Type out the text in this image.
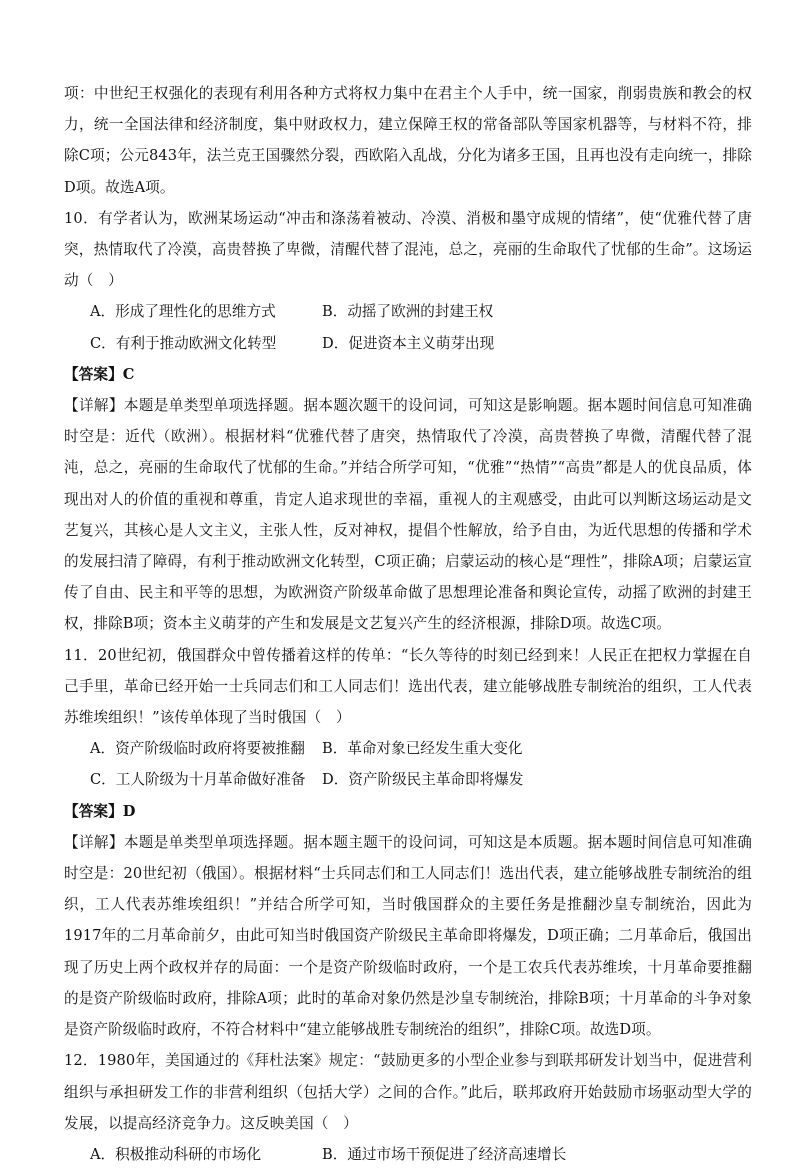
项：中世纪王权强化的表现有利用各种方式将权力集中在君主个人手中，统一国家，削弱贵族和教会的权力，统一全国法律和经济制度，集中财政权力，建立保障王权的常备部队等国家机器等，与材料不符，排除C项；公元843年，法兰克王国骤然分裂，西欧陷入乱战，分化为诸多王国，且再也没有走向统一，排除D项。故选A项。

10．有学者认为，欧洲某场运动“冲击和涤荡着被动、冷漠、消极和墨守成规的情绪”，使“优雅代替了唐突，热情取代了冷漠，高贵替换了卑微，清醒代替了混沌，总之，亮丽的生命取代了忧郁的生命”。这场运动（　）

A．形成了理性化的思维方式	B．动摇了欧洲的封建王权
C．有利于推动欧洲文化转型	D．促进资本主义萌芽出现

【答案】C

【详解】本题是单类型单项选择题。据本题次题干的设问词，可知这是影响题。据本题时间信息可知准确时空是：近代（欧洲）。根据材料“优雅代替了唐突，热情取代了冷漠，高贵替换了卑微，清醒代替了混沌，总之，亮丽的生命取代了忧郁的生命。”并结合所学可知，“优雅”“热情”“高贵”都是人的优良品质，体现出对人的价值的重视和尊重，肯定人追求现世的幸福，重视人的主观感受，由此可以判断这场运动是文艺复兴，其核心是人文主义，主张人性，反对神权，提倡个性解放，给予自由，为近代思想的传播和学术的发展扫清了障碍，有利于推动欧洲文化转型，C项正确；启蒙运动的核心是“理性”，排除A项；启蒙运宣传了自由、民主和平等的思想，为欧洲资产阶级革命做了思想理论准备和舆论宣传，动摇了欧洲的封建王权，排除B项；资本主义萌芽的产生和发展是文艺复兴产生的经济根源，排除D项。故选C项。

11．20世纪初，俄国群众中曾传播着这样的传单：“长久等待的时刻已经到来！人民正在把权力掌握在自己手里，革命已经开始一士兵同志们和工人同志们！选出代表，建立能够战胜专制统治的组织，工人代表苏维埃组织！”该传单体现了当时俄国（　）

A．资产阶级临时政府将要被推翻	B．革命对象已经发生重大变化
C．工人阶级为十月革命做好准备	D．资产阶级民主革命即将爆发

【答案】D

【详解】本题是单类型单项选择题。据本题主题干的设问词，可知这是本质题。据本题时间信息可知准确时空是：20世纪初（俄国）。根据材料“士兵同志们和工人同志们！选出代表，建立能够战胜专制统治的组织，工人代表苏维埃组织！”并结合所学可知，当时俄国群众的主要任务是推翻沙皇专制统治，因此为1917年的二月革命前夕，由此可知当时俄国资产阶级民主革命即将爆发，D项正确；二月革命后，俄国出现了历史上两个政权并存的局面：一个是资产阶级临时政府，一个是工农兵代表苏维埃，十月革命要推翻的是资产阶级临时政府，排除A项；此时的革命对象仍然是沙皇专制统治，排除B项；十月革命的斗争对象是资产阶级临时政府，不符合材料中“建立能够战胜专制统治的组织”，排除C项。故选D项。

12．1980年，美国通过的《拜杜法案》规定：“鼓励更多的小型企业参与到联邦研发计划当中，促进营利组织与承担研发工作的非营利组织（包括大学）之间的合作。”此后，联邦政府开始鼓励市场驱动型大学的发展，以提高经济竞争力。这反映美国（　）

A．积极推动科研的市场化	B．通过市场干预促进了经济高速增长
